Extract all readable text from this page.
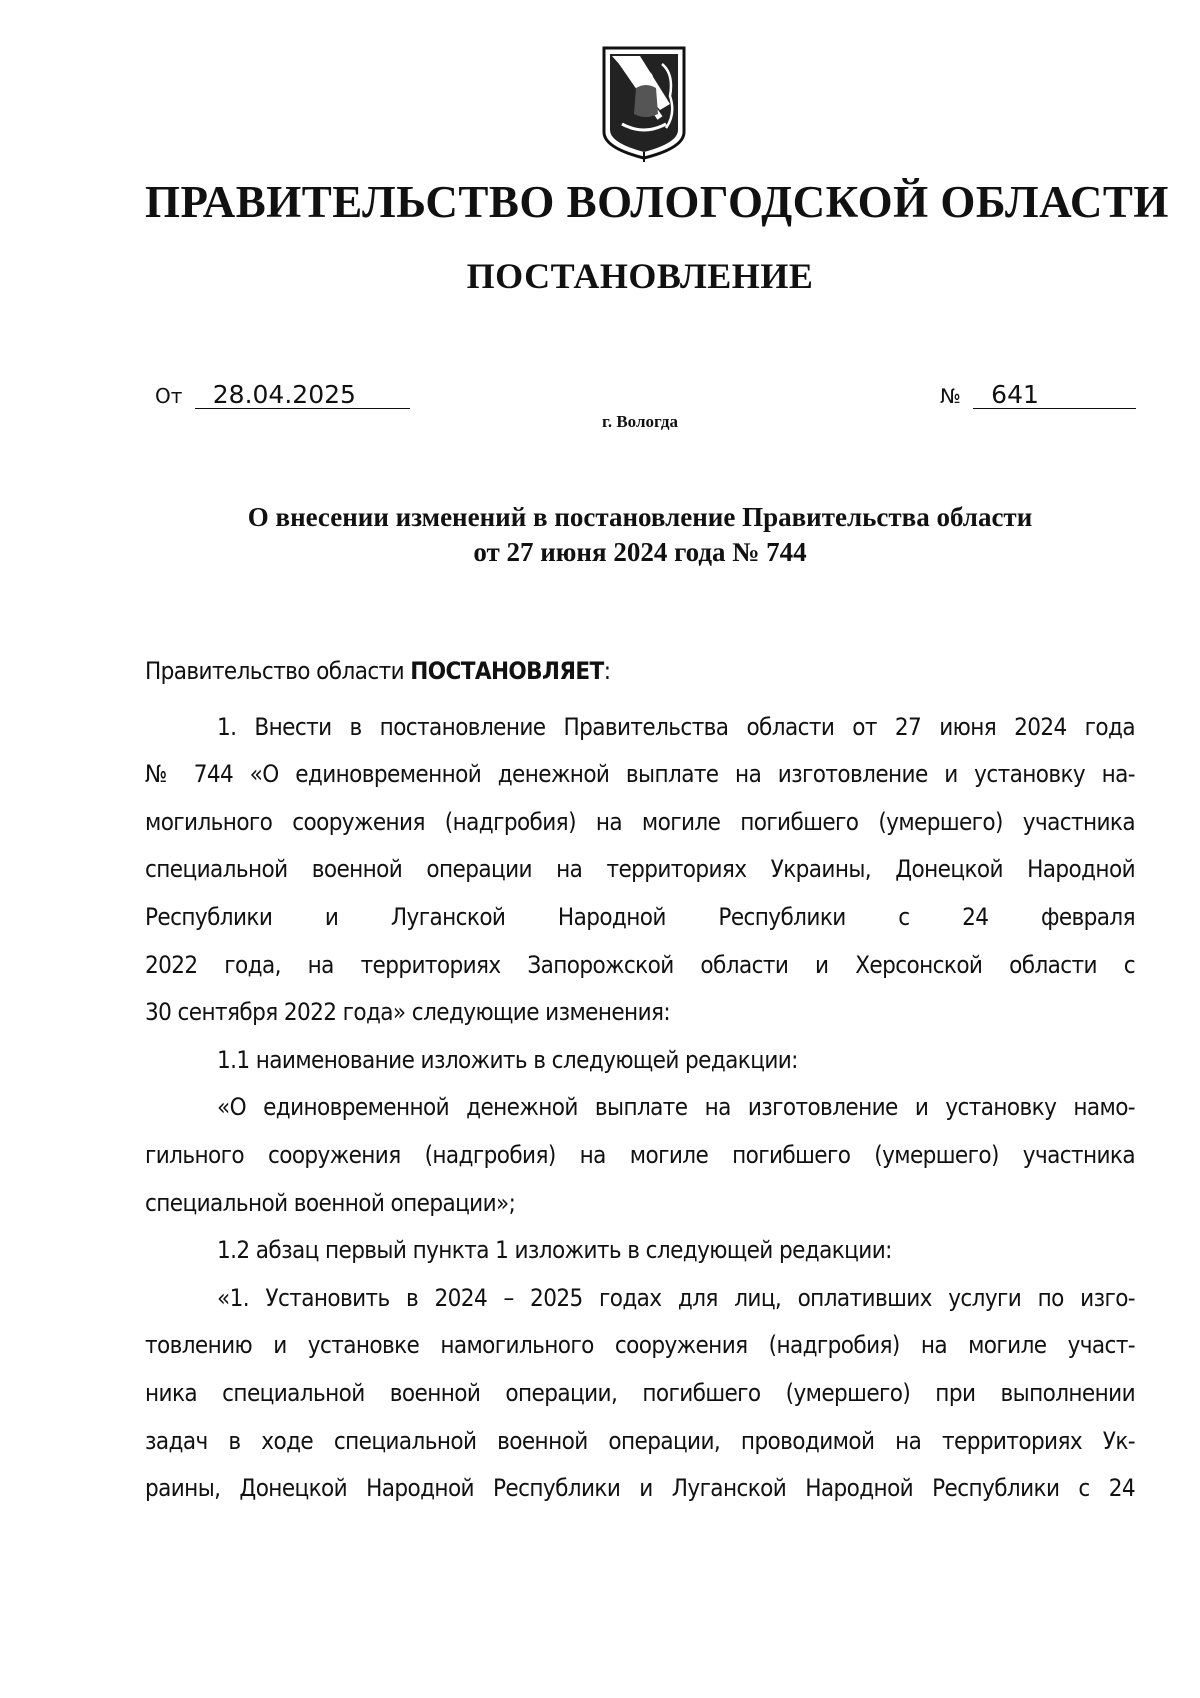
ПРАВИТЕЛЬСТВО ВОЛОГОДСКОЙ ОБЛАСТИ
ПОСТАНОВЛЕНИЕ
От 28.04.2025	№ 641
г. Вологда
О внесении изменений в постановление Правительства области
от 27 июня 2024 года № 744

Правительство области ПОСТАНОВЛЯЕТ:

1. Внести в постановление Правительства области от 27 июня 2024 года

№ 744 «О единовременной денежной выплате на изготовление и установку на-

могильного сооружения (надгробия) на могиле погибшего (умершего) участника

специальной военной операции на территориях Украины, Донецкой Народной

Республики и Луганской Народной Республики с 24 февраля

2022 года, на территориях Запорожской области и Херсонской области с

30 сентября 2022 года» следующие изменения:

1.1 наименование изложить в следующей редакции:

«О единовременной денежной выплате на изготовление и установку намо-

гильного сооружения (надгробия) на могиле погибшего (умершего) участника

специальной военной операции»;

1.2 абзац первый пункта 1 изложить в следующей редакции:

«1. Установить в 2024 – 2025 годах для лиц, оплативших услуги по изго-

товлению и установке намогильного сооружения (надгробия) на могиле участ-

ника специальной военной операции, погибшего (умершего) при выполнении

задач в ходе специальной военной операции, проводимой на территориях Ук-

раины, Донецкой Народной Республики и Луганской Народной Республики с 24
